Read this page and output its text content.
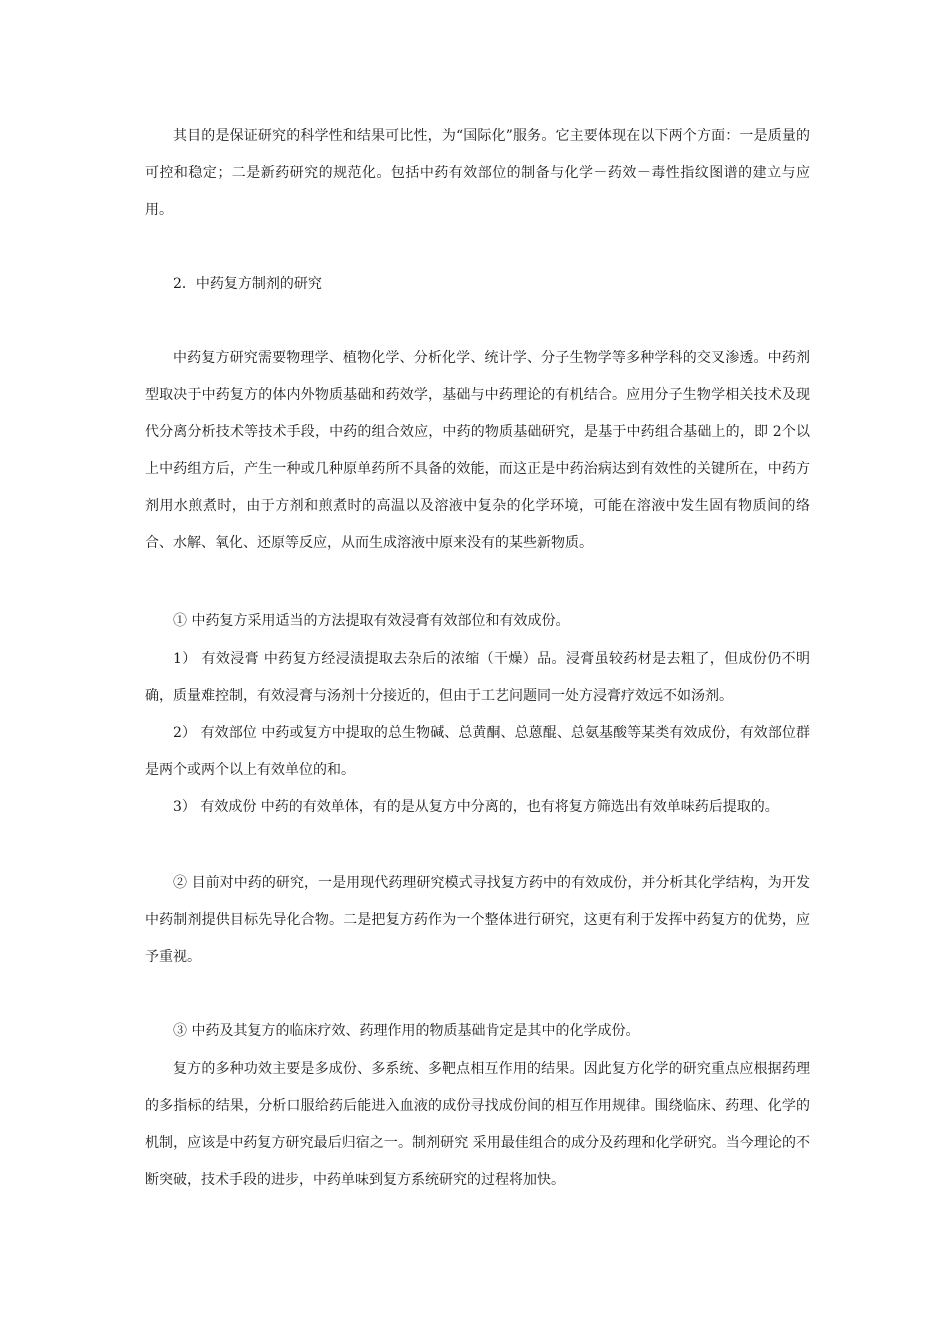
其目的是保证研究的科学性和结果可比性，为“国际化”服务。它主要体现在以下两个方面：一是质量的可控和稳定；二是新药研究的规范化。包括中药有效部位的制备与化学－药效－毒性指纹图谱的建立与应用。

2．中药复方制剂的研究

中药复方研究需要物理学、植物化学、分析化学、统计学、分子生物学等多种学科的交叉渗透。中药剂型取决于中药复方的体内外物质基础和药效学，基础与中药理论的有机结合。应用分子生物学相关技术及现代分离分析技术等技术手段，中药的组合效应，中药的物质基础研究，是基于中药组合基础上的，即 2个以上中药组方后，产生一种或几种原单药所不具备的效能，而这正是中药治病达到有效性的关键所在，中药方剂用水煎煮时，由于方剂和煎煮时的高温以及溶液中复杂的化学环境，可能在溶液中发生固有物质间的络合、水解、氧化、还原等反应，从而生成溶液中原来没有的某些新物质。

① 中药复方采用适当的方法提取有效浸膏有效部位和有效成份。

1） 有效浸膏 中药复方经浸渍提取去杂后的浓缩（干燥）品。浸膏虽较药材是去粗了，但成份仍不明确，质量难控制，有效浸膏与汤剂十分接近的，但由于工艺问题同一处方浸膏疗效远不如汤剂。

2） 有效部位 中药或复方中提取的总生物碱、总黄酮、总蒽醌、总氨基酸等某类有效成份，有效部位群是两个或两个以上有效单位的和。

3） 有效成份 中药的有效单体，有的是从复方中分离的，也有将复方筛选出有效单味药后提取的。

② 目前对中药的研究，一是用现代药理研究模式寻找复方药中的有效成份，并分析其化学结构，为开发中药制剂提供目标先导化合物。二是把复方药作为一个整体进行研究，这更有利于发挥中药复方的优势，应予重视。

③ 中药及其复方的临床疗效、药理作用的物质基础肯定是其中的化学成份。

复方的多种功效主要是多成份、多系统、多靶点相互作用的结果。因此复方化学的研究重点应根据药理的多指标的结果，分析口服给药后能进入血液的成份寻找成份间的相互作用规律。围绕临床、药理、化学的机制，应该是中药复方研究最后归宿之一。制剂研究 采用最佳组合的成分及药理和化学研究。当今理论的不断突破，技术手段的进步，中药单味到复方系统研究的过程将加快。
